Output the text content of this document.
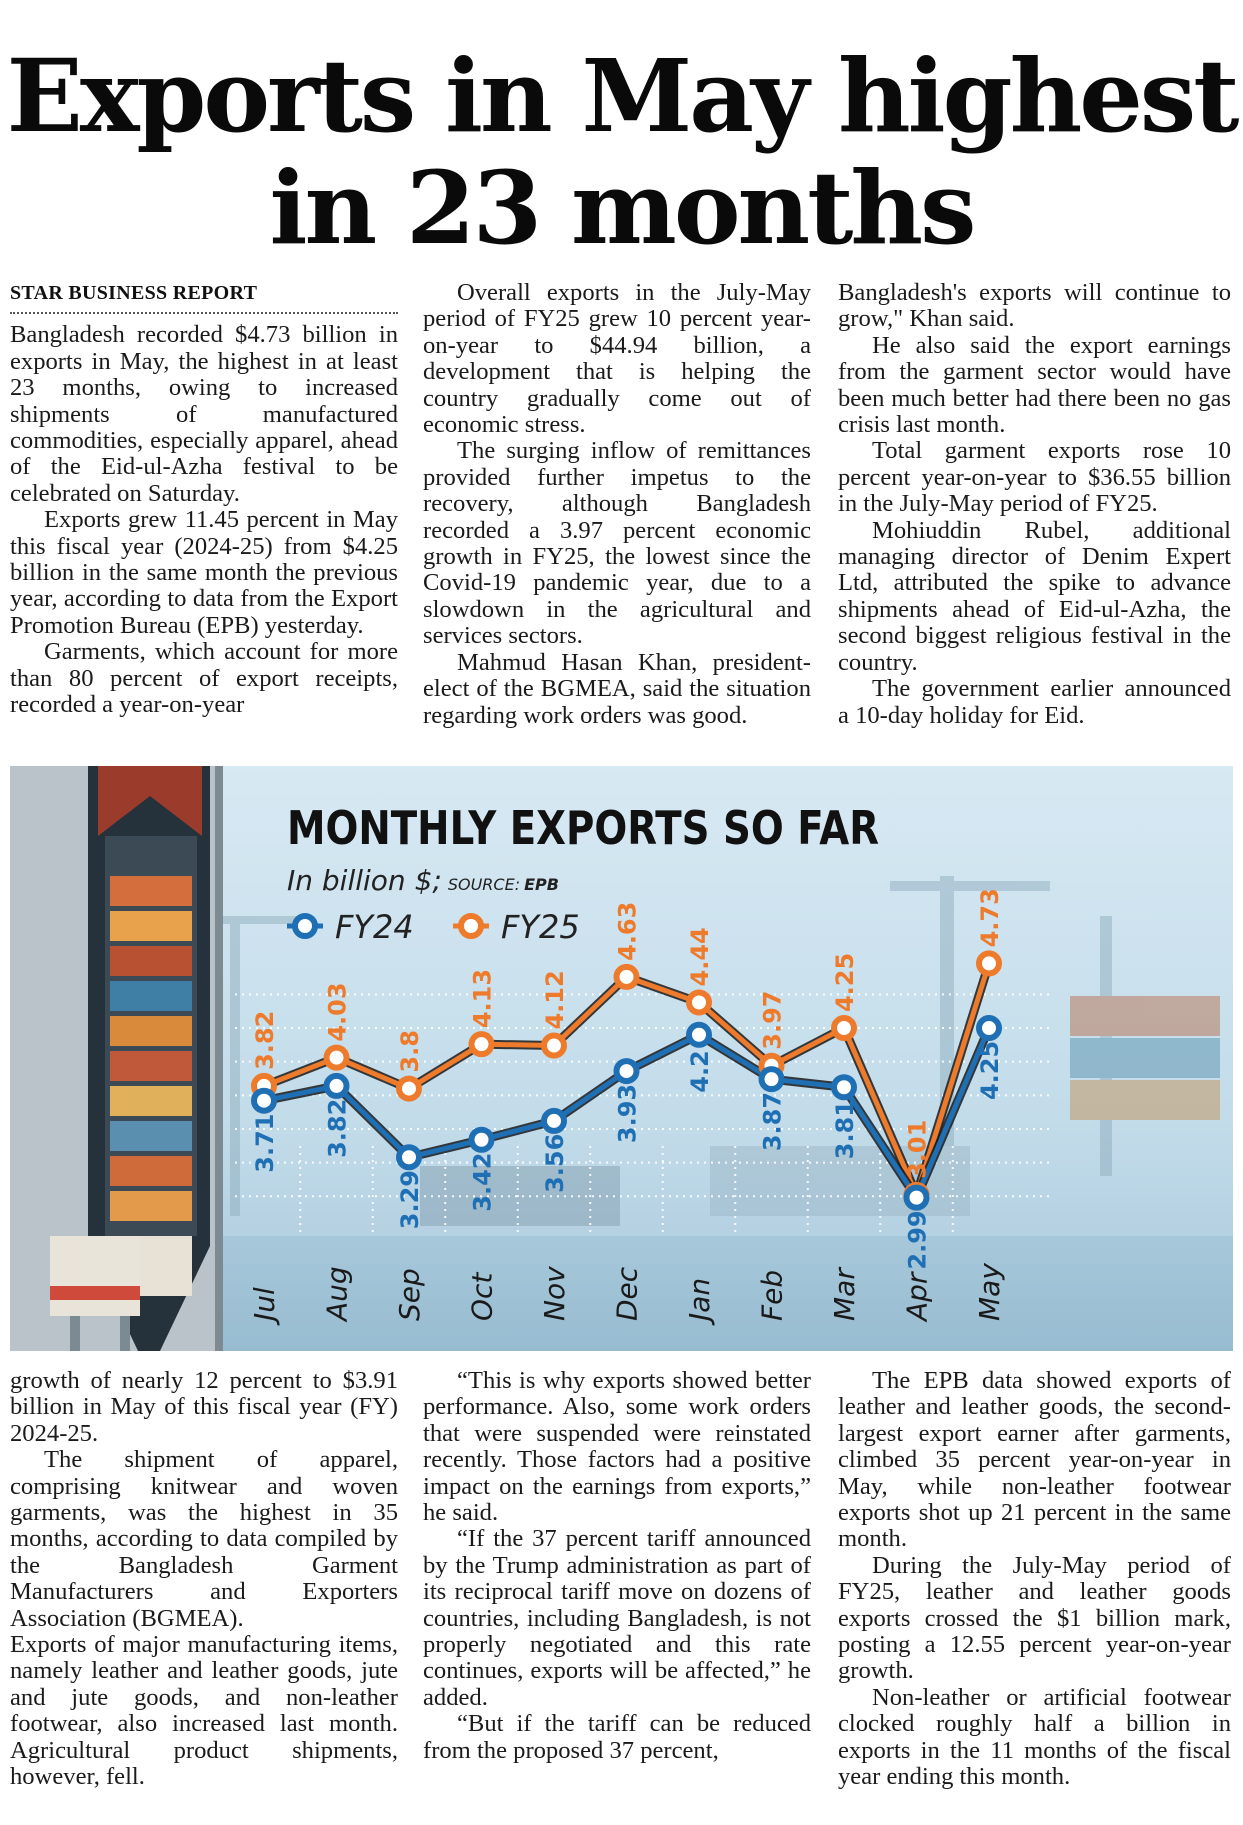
Exports in May highest
in 23 months
STAR BUSINESS REPORT

Bangladesh recorded $4.73 billion in exports in May, the highest in at least 23 months, owing to increased shipments of manufactured commodities, especially apparel, ahead of the Eid-ul-Azha festival to be celebrated on Saturday.

Exports grew 11.45 percent in May this fiscal year (2024-25) from $4.25 billion in the same month the previous year, according to data from the Export Promotion Bureau (EPB) yesterday.

Garments, which account for more than 80 percent of export receipts, recorded a year-on-year

Overall exports in the July-May period of FY25 grew 10 percent year-on-year to $44.94 billion, a development that is helping the country gradually come out of economic stress.

The surging inflow of remittances provided further impetus to the recovery, although Bangladesh recorded a 3.97 percent economic growth in FY25, the lowest since the Covid-19 pandemic year, due to a slowdown in the agricultural and services sectors.

Mahmud Hasan Khan, president-elect of the BGMEA, said the situation regarding work orders was good.

Bangladesh's exports will continue to grow," Khan said.

He also said the export earnings from the garment sector would have been much better had there been no gas crisis last month.

Total garment exports rose 10 percent year-on-year to $36.55 billion in the July-May period of FY25.

Mohiuddin Rubel, additional managing director of Denim Expert Ltd, attributed the spike to advance shipments ahead of Eid-ul-Azha, the second biggest religious festival in the country.

The government earlier announced a 10-day holiday for Eid.

MONTHLY EXPORTS SO FAR
In billion $; SOURCE: EPB
FY24	FY25
3.82
3.71
4.03
3.82
3.8
3.29
4.13
3.42
4.12
3.56
4.63
3.93
4.44
4.2
3.97
3.87
4.25
3.81 3.01
2.99
4.73
4.25
Jul Aug Sep Oct Nov Dec Jan Feb Mar Apr May

growth of nearly 12 percent to $3.91 billion in May of this fiscal year (FY) 2024-25.

The shipment of apparel, comprising knitwear and woven garments, was the highest in 35 months, according to data compiled by the Bangladesh Garment Manufacturers and Exporters Association (BGMEA).

Exports of major manufacturing items, namely leather and leather goods, jute and jute goods, and non-leather footwear, also increased last month. Agricultural product shipments, however, fell.

“This is why exports showed better performance. Also, some work orders that were suspended were reinstated recently. Those factors had a positive impact on the earnings from exports,” he said.

“If the 37 percent tariff announced by the Trump administration as part of its reciprocal tariff move on dozens of countries, including Bangladesh, is not properly negotiated and this rate continues, exports will be affected,” he added.

“But if the tariff can be reduced from the proposed 37 percent,

The EPB data showed exports of leather and leather goods, the second-largest export earner after garments, climbed 35 percent year-on-year in May, while non-leather footwear exports shot up 21 percent in the same month.

During the July-May period of FY25, leather and leather goods exports crossed the $1 billion mark, posting a 12.55 percent year-on-year growth.

Non-leather or artificial footwear clocked roughly half a billion in exports in the 11 months of the fiscal year ending this month.
